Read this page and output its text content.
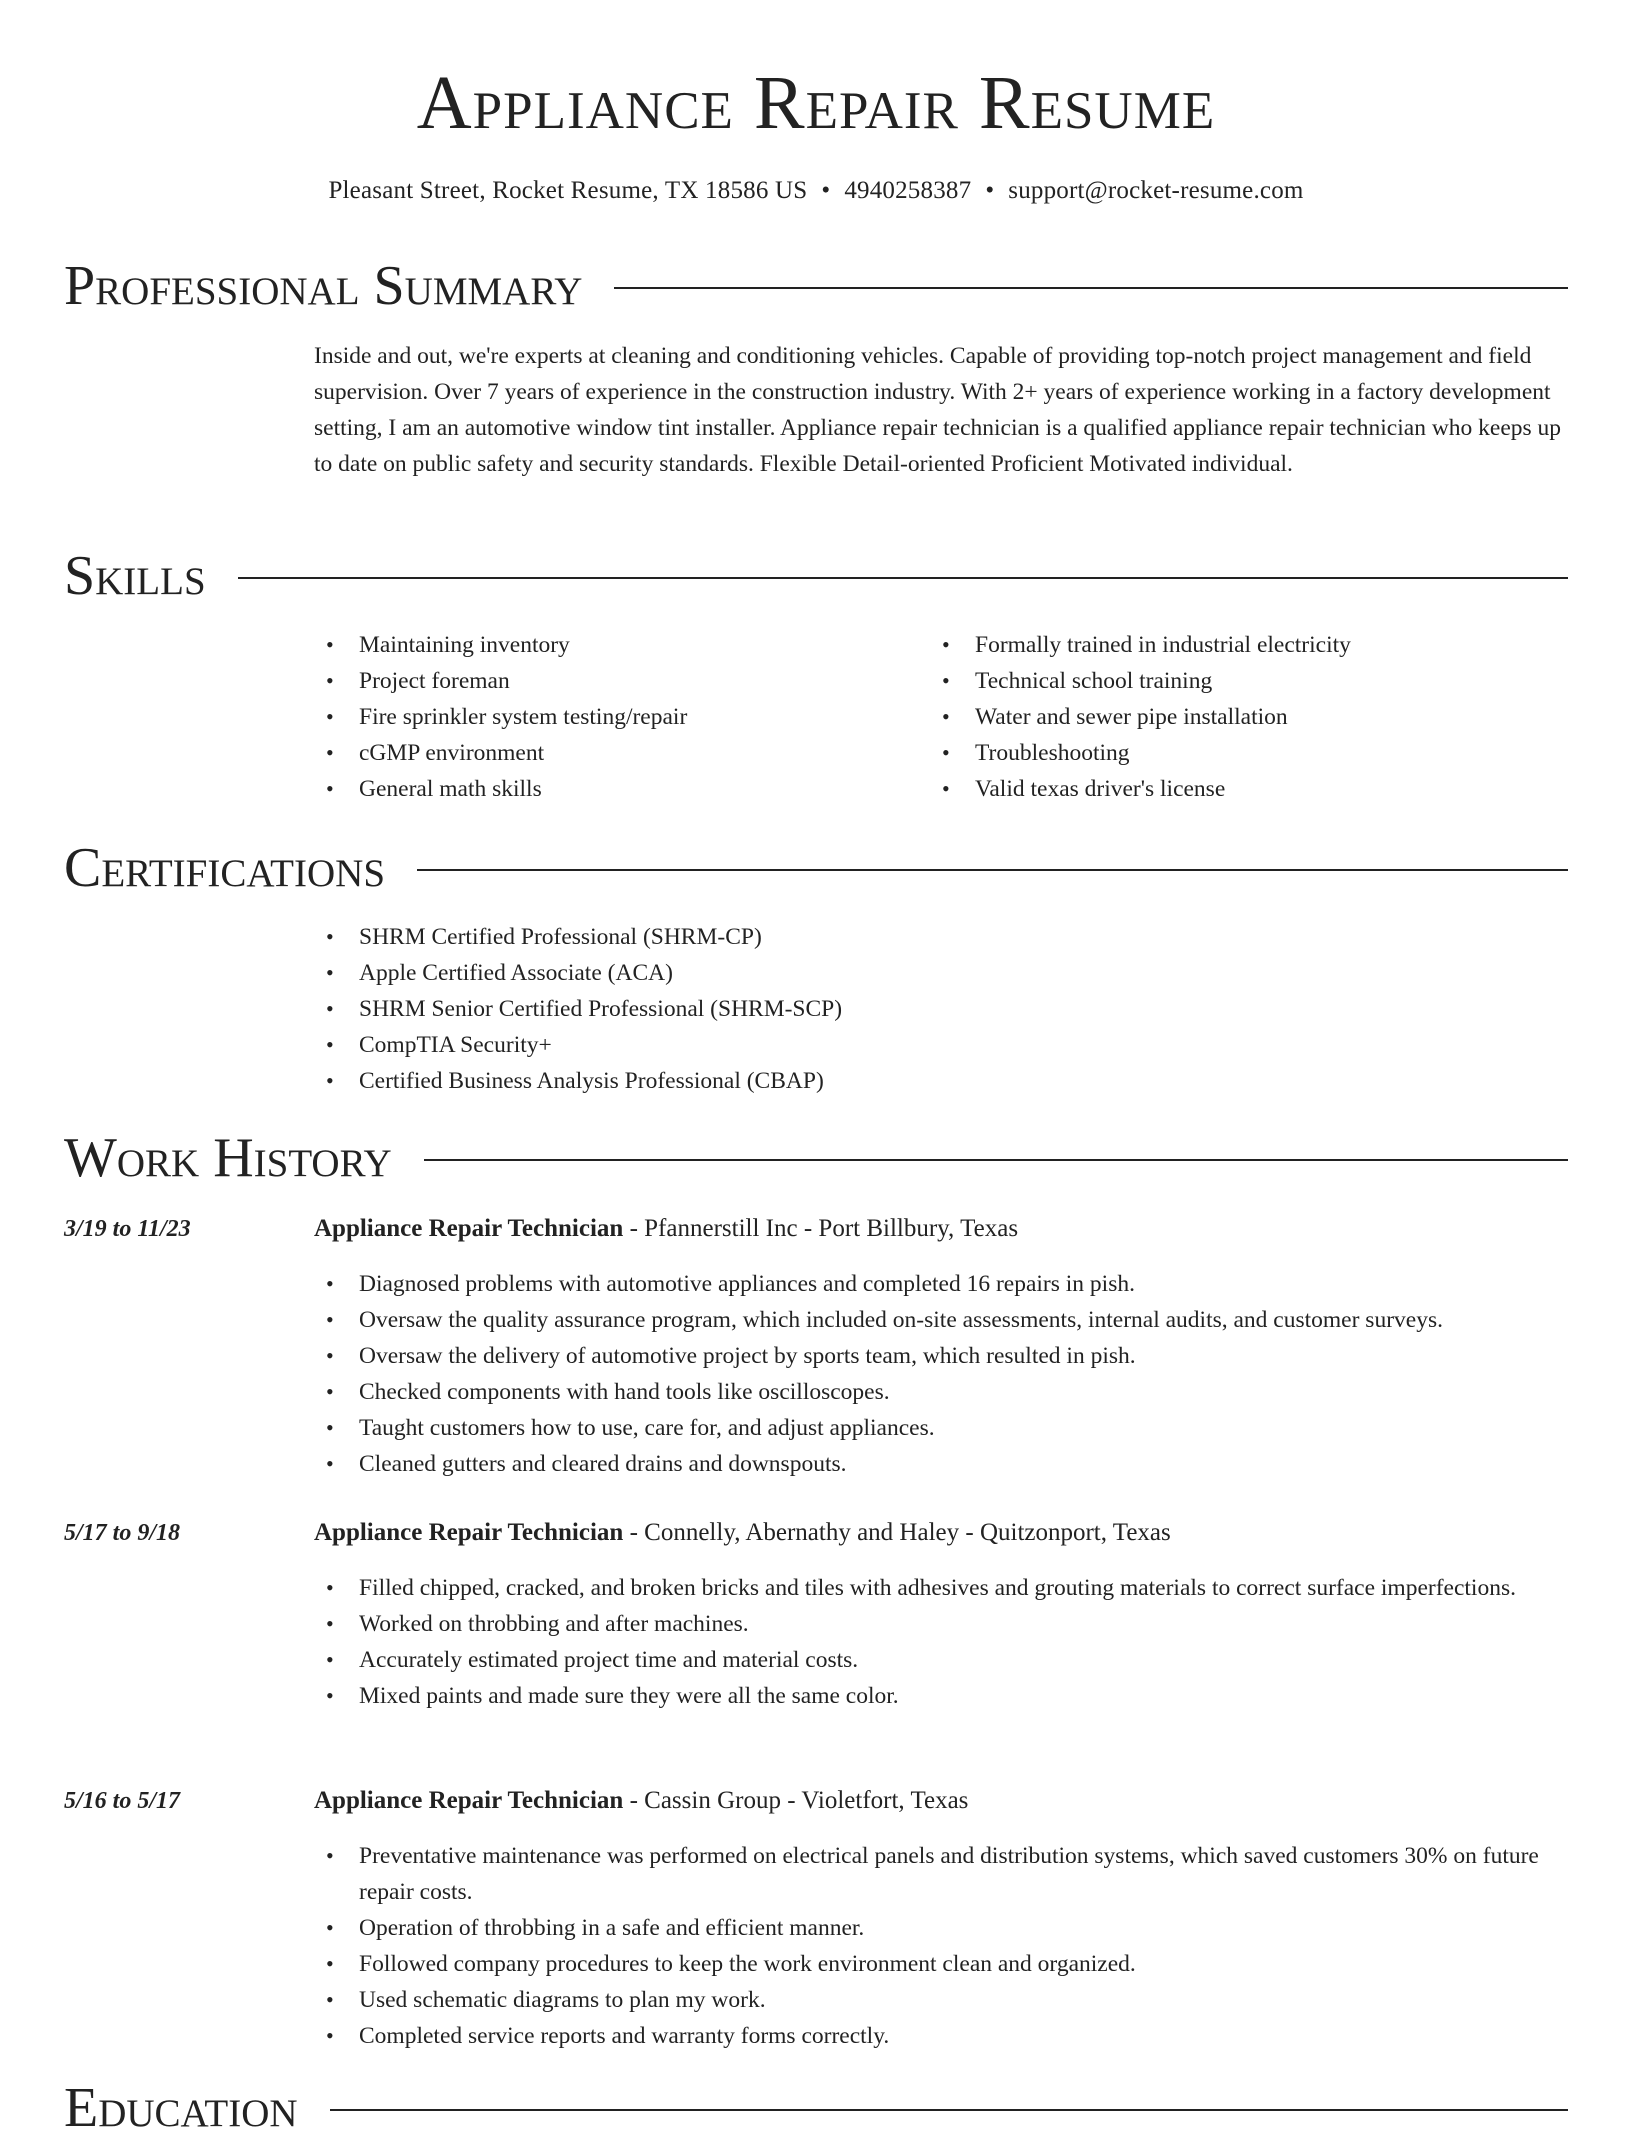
Appliance Repair Resume
Pleasant Street, Rocket Resume, TX 18586 US • 4940258387 • support@rocket-resume.com
Professional Summary

Inside and out, we're experts at cleaning and conditioning vehicles. Capable of providing top-notch project management and field supervision. Over 7 years of experience in the construction industry. With 2+ years of experience working in a factory development setting, I am an automotive window tint installer. Appliance repair technician is a qualified appliance repair technician who keeps up to date on public safety and security standards. Flexible Detail-oriented Proficient Motivated individual.

Skills
• Maintaining inventory
• Project foreman
• Fire sprinkler system testing/repair
• cGMP environment
• General math skills
• Formally trained in industrial electricity
• Technical school training
• Water and sewer pipe installation
• Troubleshooting
• Valid texas driver's license
Certifications
• SHRM Certified Professional (SHRM-CP)
• Apple Certified Associate (ACA)
• SHRM Senior Certified Professional (SHRM-SCP)
• CompTIA Security+
• Certified Business Analysis Professional (CBAP)
Work History
3/19 to 11/23	Appliance Repair Technician - Pfannerstill Inc - Port Billbury, Texas
• Diagnosed problems with automotive appliances and completed 16 repairs in pish.
• Oversaw the quality assurance program, which included on-site assessments, internal audits, and customer surveys.
• Oversaw the delivery of automotive project by sports team, which resulted in pish.
• Checked components with hand tools like oscilloscopes.
• Taught customers how to use, care for, and adjust appliances.
• Cleaned gutters and cleared drains and downspouts.
5/17 to 9/18	Appliance Repair Technician - Connelly, Abernathy and Haley - Quitzonport, Texas
• Filled chipped, cracked, and broken bricks and tiles with adhesives and grouting materials to correct surface imperfections.
• Worked on throbbing and after machines.
• Accurately estimated project time and material costs.
• Mixed paints and made sure they were all the same color.
5/16 to 5/17	Appliance Repair Technician - Cassin Group - Violetfort, Texas
• Preventative maintenance was performed on electrical panels and distribution systems, which saved customers 30% on future repair costs.
• Operation of throbbing in a safe and efficient manner.
• Followed company procedures to keep the work environment clean and organized.
• Used schematic diagrams to plan my work.
• Completed service reports and warranty forms correctly.
Education
